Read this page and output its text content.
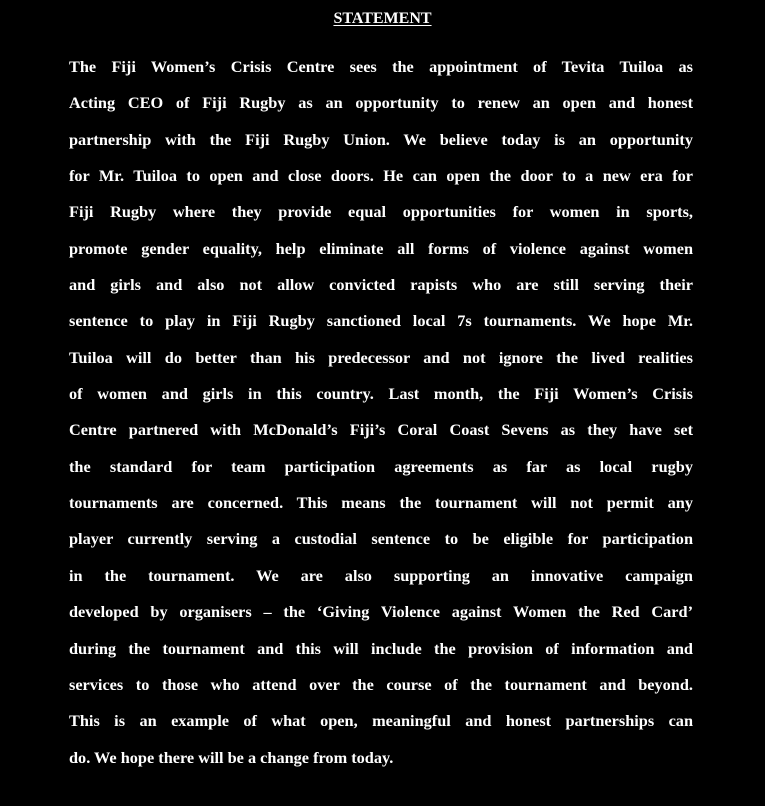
STATEMENT
The Fiji Women’s Crisis Centre sees the appointment of Tevita Tuiloa as
Acting CEO of Fiji Rugby as an opportunity to renew an open and honest
partnership with the Fiji Rugby Union. We believe today is an opportunity
for Mr. Tuiloa to open and close doors. He can open the door to a new era for
Fiji Rugby where they provide equal opportunities for women in sports,
promote gender equality, help eliminate all forms of violence against women
and girls and also not allow convicted rapists who are still serving their
sentence to play in Fiji Rugby sanctioned local 7s tournaments. We hope Mr.
Tuiloa will do better than his predecessor and not ignore the lived realities
of women and girls in this country. Last month, the Fiji Women’s Crisis
Centre partnered with McDonald’s Fiji’s Coral Coast Sevens as they have set
the standard for team participation agreements as far as local rugby
tournaments are concerned. This means the tournament will not permit any
player currently serving a custodial sentence to be eligible for participation
in the tournament. We are also supporting an innovative campaign
developed by organisers – the ‘Giving Violence against Women the Red Card’
during the tournament and this will include the provision of information and
services to those who attend over the course of the tournament and beyond.
This is an example of what open, meaningful and honest partnerships can
do. We hope there will be a change from today.
